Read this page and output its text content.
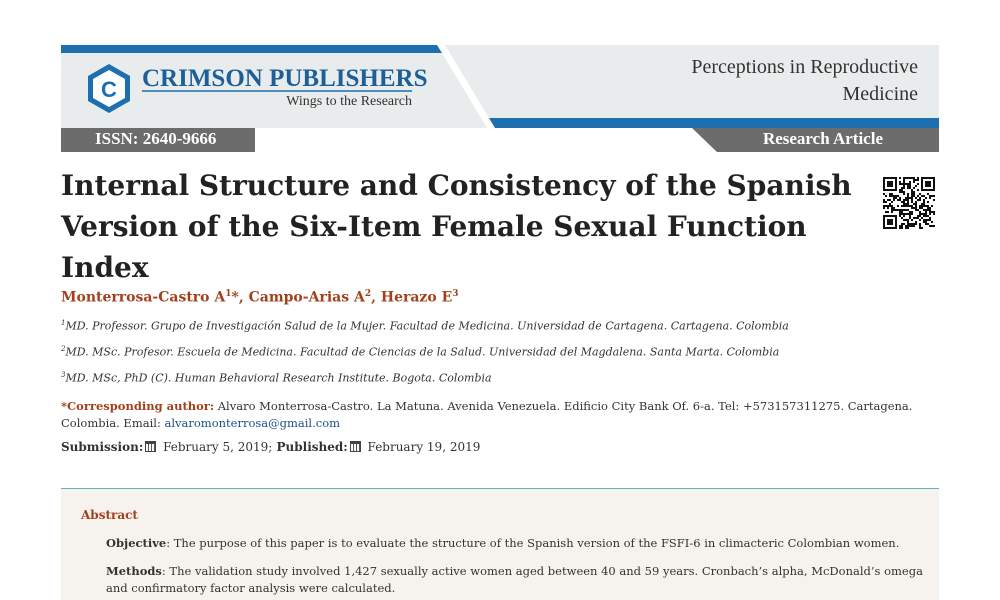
C CRIMSON PUBLISHERS
Wings to the Research
Perceptions in Reproductive
Medicine
ISSN: 2640-9666	Research Article
Internal Structure and Consistency of the Spanish
Version of the Six-Item Female Sexual Function Index
Monterrosa-Castro $A^1*$, Campo-Arias $A^2$, Herazo $E^3$
$^1$MD. Professor. Grupo de Investigación Salud de la Mujer. Facultad de Medicina. Universidad de Cartagena. Cartagena. Colombia
$^2$MD. MSc. Profesor. Escuela de Medicina. Facultad de Ciencias de la Salud. Universidad del Magdalena. Santa Marta. Colombia
$^3$MD. MSc, PhD (C). Human Behavioral Research Institute. Bogota. Colombia
*Corresponding author: Alvaro Monterrosa-Castro. La Matuna. Avenida Venezuela. Edificio City Bank Of. 6-a. Tel: +573157311275. Cartagena. Colombia. Email: alvaromonterrosa@gmail.com
Submission: February 5, 2019; Published: February 19, 2019
Abstract
Objective: The purpose of this paper is to evaluate the structure of the Spanish version of the FSFI-6 in climacteric Colombian women.
Methods: The validation study involved 1,427 sexually active women aged between 40 and 59 years. Cronbach’s alpha, McDonald’s omega and confirmatory factor analysis were calculated.
